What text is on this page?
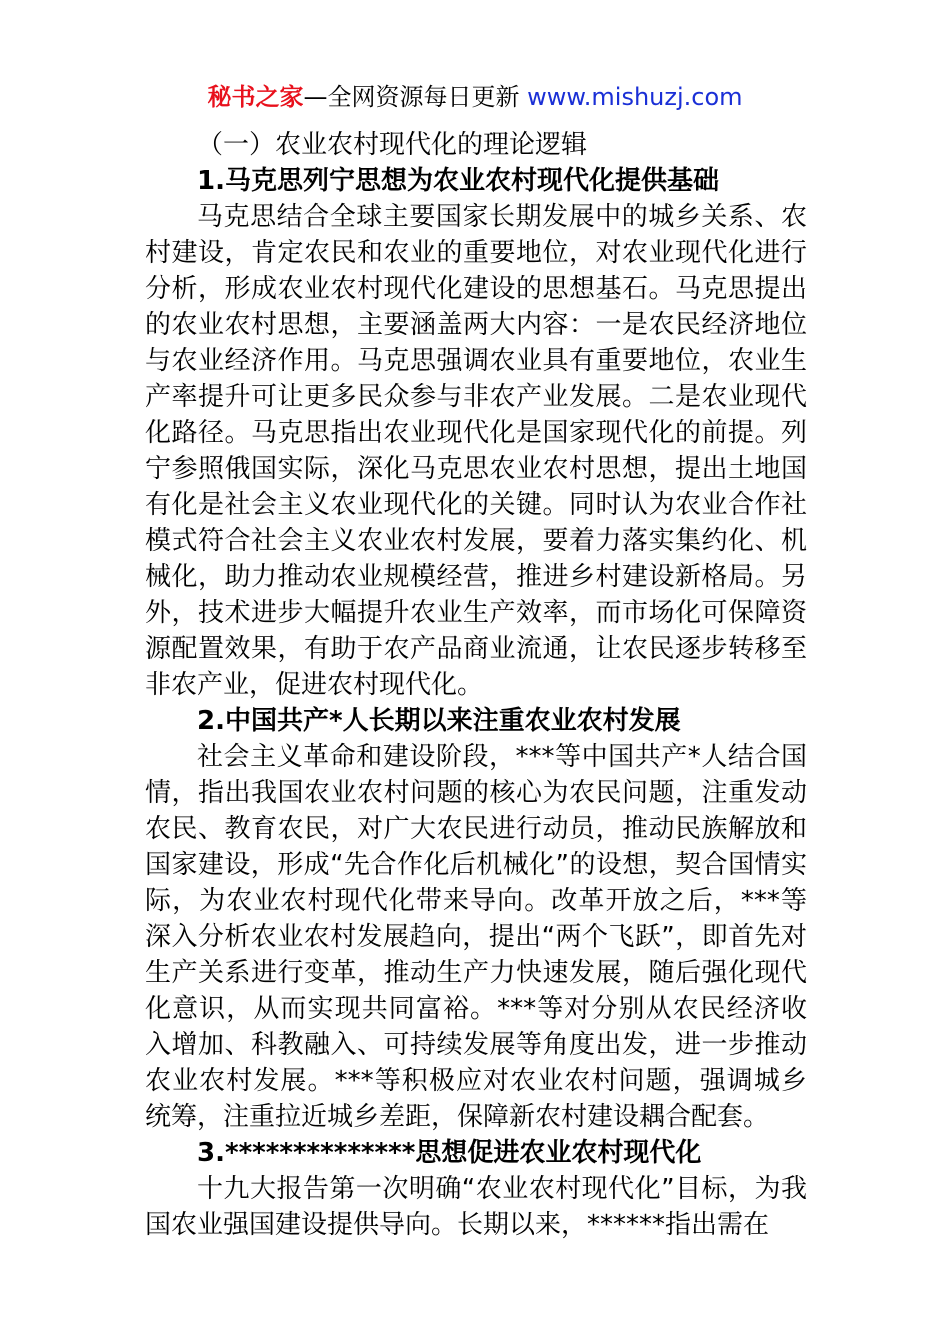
秘书之家—全网资源每日更新 www.mishuzj.com

（一）农业农村现代化的理论逻辑

1.马克思列宁思想为农业农村现代化提供基础

马克思结合全球主要国家长期发展中的城乡关系、农村建设，肯定农民和农业的重要地位，对农业现代化进行分析，形成农业农村现代化建设的思想基石。马克思提出的农业农村思想，主要涵盖两大内容：一是农民经济地位与农业经济作用。马克思强调农业具有重要地位，农业生产率提升可让更多民众参与非农产业发展。二是农业现代化路径。马克思指出农业现代化是国家现代化的前提。列宁参照俄国实际，深化马克思农业农村思想，提出土地国有化是社会主义农业现代化的关键。同时认为农业合作社模式符合社会主义农业农村发展，要着力落实集约化、机械化，助力推动农业规模经营，推进乡村建设新格局。另外，技术进步大幅提升农业生产效率，而市场化可保障资源配置效果，有助于农产品商业流通，让农民逐步转移至非农产业，促进农村现代化。

2.中国共产*人长期以来注重农业农村发展

社会主义革命和建设阶段，***等中国共产*人结合国情，指出我国农业农村问题的核心为农民问题，注重发动农民、教育农民，对广大农民进行动员，推动民族解放和国家建设，形成“先合作化后机械化”的设想，契合国情实际，为农业农村现代化带来导向。改革开放之后，***等深入分析农业农村发展趋向，提出“两个飞跃”，即首先对生产关系进行变革，推动生产力快速发展，随后强化现代化意识，从而实现共同富裕。***等对分别从农民经济收入增加、科教融入、可持续发展等角度出发，进一步推动农业农村发展。***等积极应对农业农村问题，强调城乡统筹，注重拉近城乡差距，保障新农村建设耦合配套。

3.**************思想促进农业农村现代化

十九大报告第一次明确“农业农村现代化”目标，为我国农业强国建设提供导向。长期以来，******指出需在
